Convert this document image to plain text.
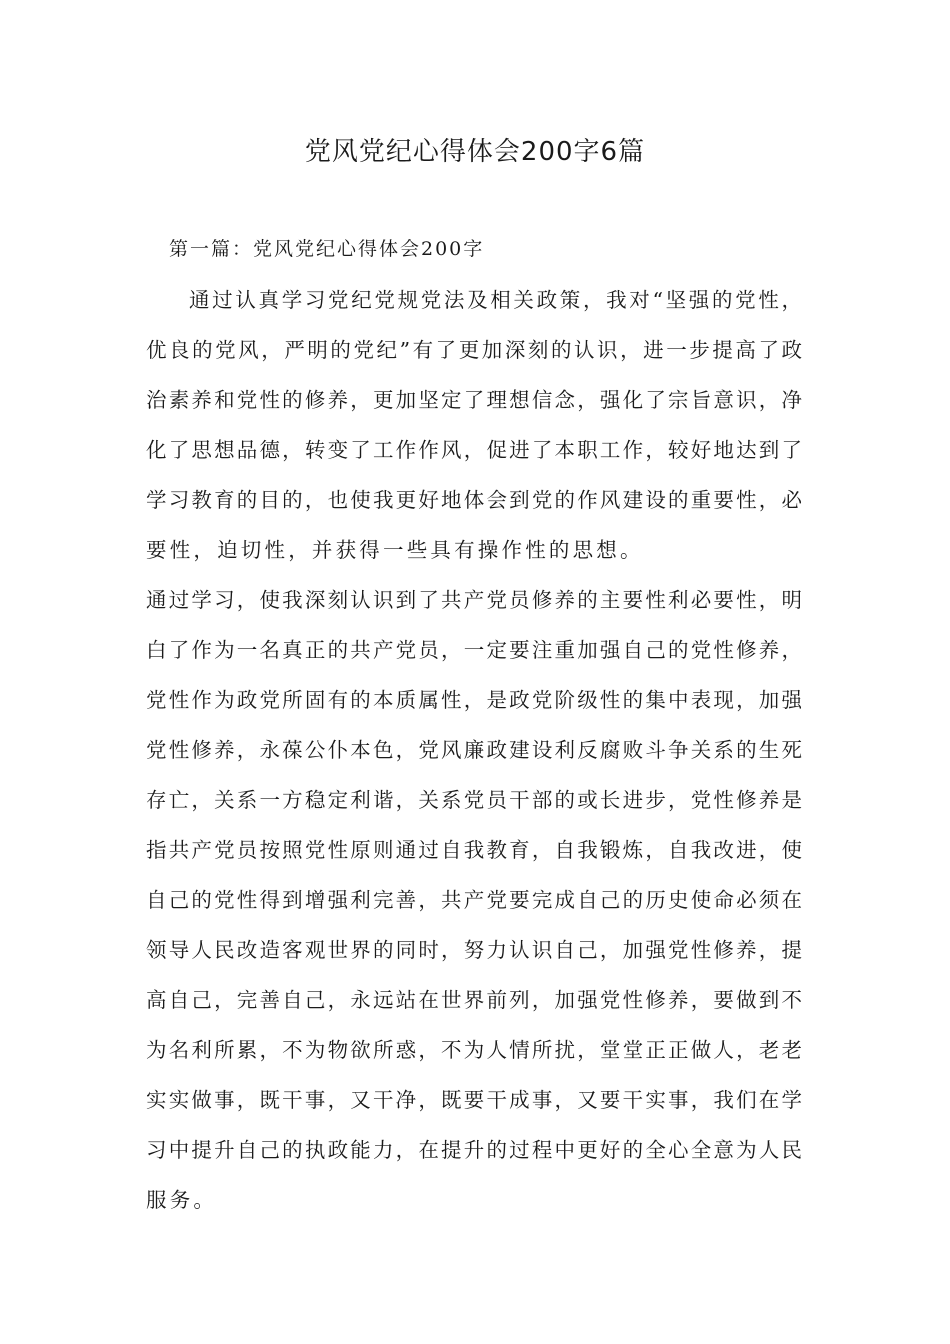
党风党纪心得体会200字6篇

第一篇：党风党纪心得体会200字

通过认真学习党纪党规党法及相关政策，我对“坚强的党性，

优良的党风，严明的党纪”有了更加深刻的认识，进一步提高了政

治素养和党性的修养，更加坚定了理想信念，强化了宗旨意识，净

化了思想品德，转变了工作作风，促进了本职工作，较好地达到了

学习教育的目的，也使我更好地体会到党的作风建设的重要性，必

要性，迫切性，并获得一些具有操作性的思想。

通过学习，使我深刻认识到了共产党员修养的主要性利必要性，明

白了作为一名真正的共产党员，一定要注重加强自己的党性修养，

党性作为政党所固有的本质属性，是政党阶级性的集中表现，加强

党性修养，永葆公仆本色，党风廉政建设利反腐败斗争关系的生死

存亡，关系一方稳定利谐，关系党员干部的或长进步，党性修养是

指共产党员按照党性原则通过自我教育，自我锻炼，自我改进，使

自己的党性得到增强利完善，共产党要完成自己的历史使命必须在

领导人民改造客观世界的同时，努力认识自己，加强党性修养，提

高自己，完善自己，永远站在世界前列，加强党性修养，要做到不

为名利所累，不为物欲所惑，不为人情所扰，堂堂正正做人，老老

实实做事，既干事，又干净，既要干成事，又要干实事，我们在学

习中提升自己的执政能力，在提升的过程中更好的全心全意为人民

服务。
